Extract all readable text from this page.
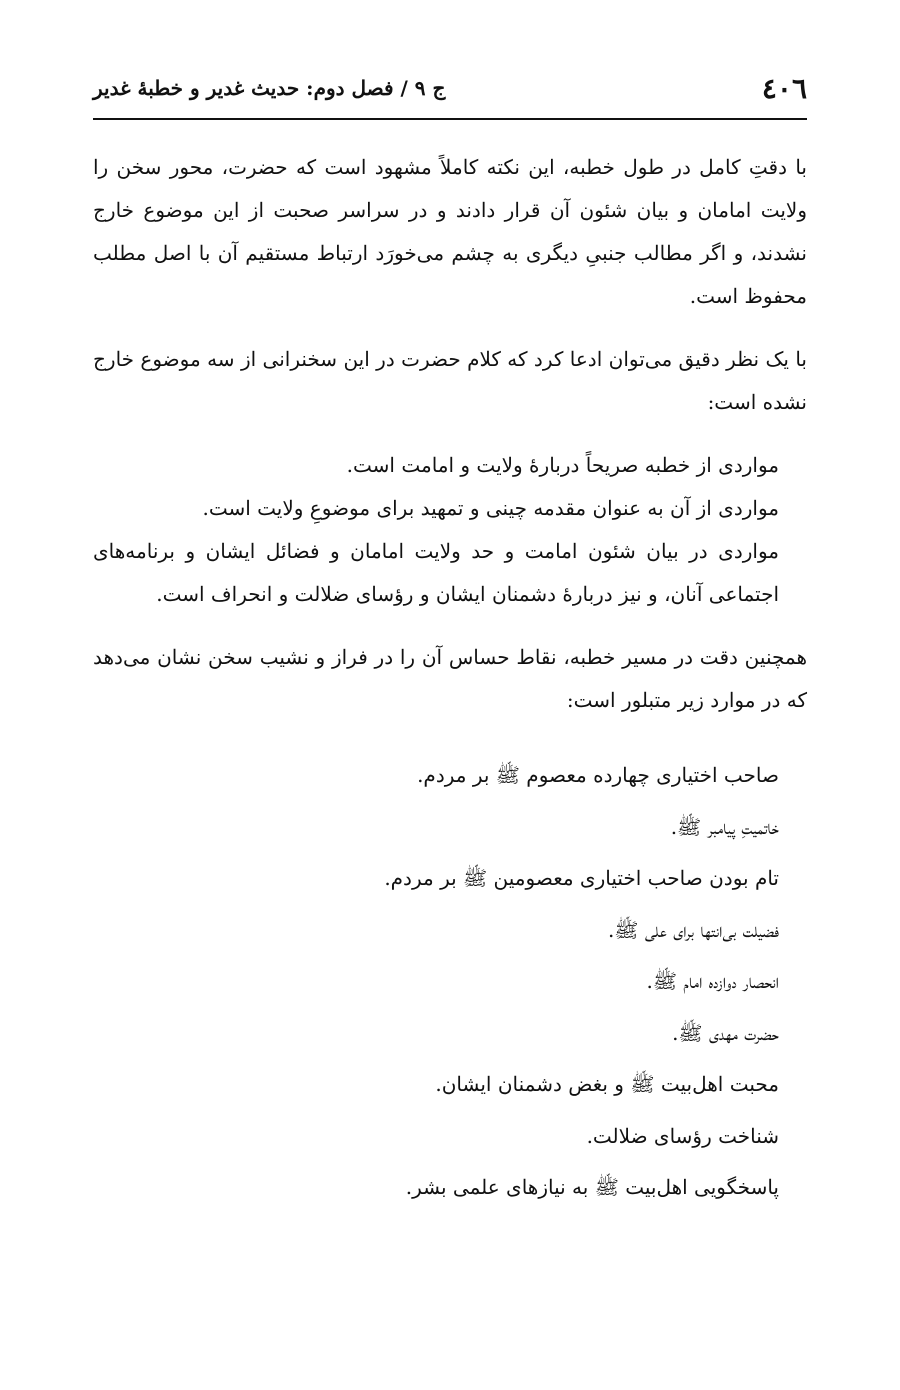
٤٠٦
ج ۹ / فصل دوم: حدیث غدیر و خطبهٔ غدیر

با دقتِ کامل در طول خطبه، این نکته کاملاً مشهود است که حضرت، محور سخن را ولایت امامان و بیان شئون آن قرار دادند و در سراسر صحبت از این موضوع خارج نشدند، و اگر مطالب جنبیِ دیگری به چشم می‌خورَد ارتباط مستقیم آن با اصل مطلب محفوظ است.

با یک نظر دقیق می‌توان ادعا کرد که کلام حضرت در این سخنرانی از سه موضوع خارج نشده است:

مواردی از خطبه صریحاً دربارهٔ ولایت و امامت است.
مواردی از آن به عنوان مقدمه چینی و تمهید برای موضوعِ ولایت است.
مواردی در بیان شئون امامت و حد ولایت امامان و فضائل ایشان و برنامه‌های اجتماعی آنان، و نیز دربارهٔ دشمنان ایشان و رؤسای ضلالت و انحراف است.

همچنین دقت در مسیر خطبه، نقاط حساس آن را در فراز و نشیب سخن نشان می‌دهد که در موارد زیر متبلور است:

صاحب اختیاری چهارده معصوم ﷺ بر مردم.
خاتمیتِ پیامبر ﷺ.
تام بودن صاحب اختیاری معصومین ﷺ بر مردم.
فضیلت بی‌انتها برای علی ﷺ.
انحصار دوازده امام ﷺ.
حضرت مهدی ﷺ.
محبت اهل‌بیت ﷺ و بغض دشمنان ایشان.
شناخت رؤسای ضلالت.
پاسخگویی اهل‌بیت ﷺ به نیازهای علمی بشر.
